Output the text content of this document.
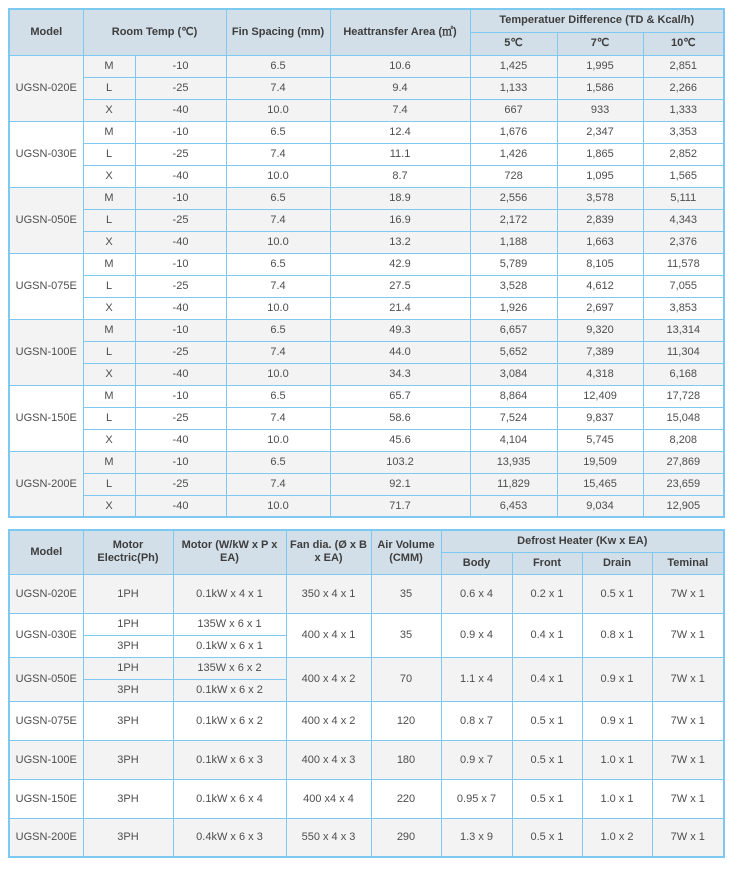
Model	Room Temp (℃)		Fin Spacing (mm)	Heattransfer Area (㎡)	Temperatuer Difference (TD & Kcal/h)		
					5℃	7℃	10℃
UGSN-020E	M	-10	6.5	10.6	1,425	1,995	2,851
	L	-25	7.4	9.4	1,133	1,586	2,266
	X	-40	10.0	7.4	667	933	1,333
UGSN-030E	M	-10	6.5	12.4	1,676	2,347	3,353
	L	-25	7.4	11.1	1,426	1,865	2,852
	X	-40	10.0	8.7	728	1,095	1,565
UGSN-050E	M	-10	6.5	18.9	2,556	3,578	5,111
	L	-25	7.4	16.9	2,172	2,839	4,343
	X	-40	10.0	13.2	1,188	1,663	2,376
UGSN-075E	M	-10	6.5	42.9	5,789	8,105	11,578
	L	-25	7.4	27.5	3,528	4,612	7,055
	X	-40	10.0	21.4	1,926	2,697	3,853
UGSN-100E	M	-10	6.5	49.3	6,657	9,320	13,314
	L	-25	7.4	44.0	5,652	7,389	11,304
	X	-40	10.0	34.3	3,084	4,318	6,168
UGSN-150E	M	-10	6.5	65.7	8,864	12,409	17,728
	L	-25	7.4	58.6	7,524	9,837	15,048
	X	-40	10.0	45.6	4,104	5,745	8,208
UGSN-200E	M	-10	6.5	103.2	13,935	19,509	27,869
	L	-25	7.4	92.1	11,829	15,465	23,659
	X	-40	10.0	71.7	6,453	9,034	12,905
Model	Motor Electric(Ph)	Motor (W/kW x P x EA)	Fan dia. (Ø x B x EA)	Air Volume (CMM)	Defrost Heater (Kw x EA)			
					Body	Front	Drain	Teminal
UGSN-020E	1PH	0.1kW x 4 x 1	350 x 4 x 1	35	0.6 x 4	0.2 x 1	0.5 x 1	7W x 1
UGSN-030E	1PH	135W x 6 x 1	400 x 4 x 1	35	0.9 x 4	0.4 x 1	0.8 x 1	7W x 1
	3PH	0.1kW x 6 x 1						
UGSN-050E	1PH	135W x 6 x 2	400 x 4 x 2	70	1.1 x 4	0.4 x 1	0.9 x 1	7W x 1
	3PH	0.1kW x 6 x 2						
UGSN-075E	3PH	0.1kW x 6 x 2	400 x 4 x 2	120	0.8 x 7	0.5 x 1	0.9 x 1	7W x 1
UGSN-100E	3PH	0.1kW x 6 x 3	400 x 4 x 3	180	0.9 x 7	0.5 x 1	1.0 x 1	7W x 1
UGSN-150E	3PH	0.1kW x 6 x 4	400 x4 x 4	220	0.95 x 7	0.5 x 1	1.0 x 1	7W x 1
UGSN-200E	3PH	0.4kW x 6 x 3	550 x 4 x 3	290	1.3 x 9	0.5 x 1	1.0 x 2	7W x 1
